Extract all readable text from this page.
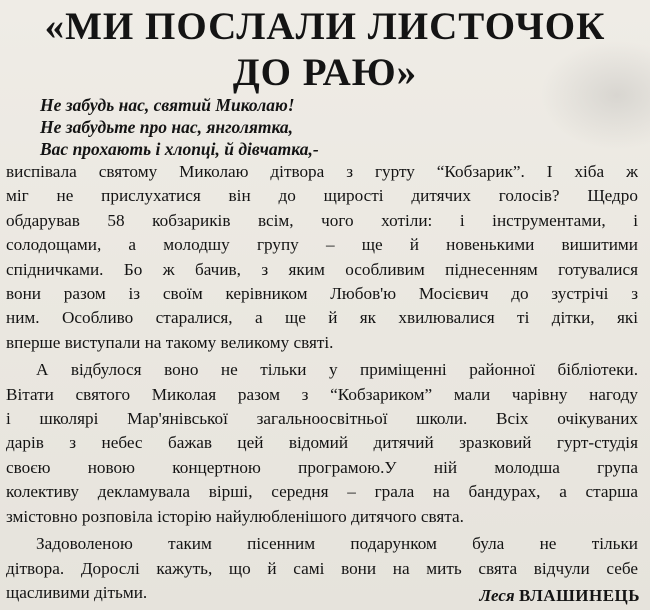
«МИ ПОСЛАЛИ ЛИСТОЧОК
ДО РАЮ»
Не забудь нас, святий Миколаю!
Не забудьте про нас, янголятка,
Вас прохають і хлопці, й дівчатка,-
виспівала святому Миколаю дітвора з гурту “Кобзарик”. І хіба ж
міг не прислухатися він до щирості дитячих голосів? Щедро
обдарував 58 кобзариків всім, чого хотіли: і інструментами, і
солодощами, а молодшу групу – ще й новенькими вишитими
спідничками. Бо ж бачив, з яким особливим піднесенням готувалися
вони разом із своїм керівником Любов'ю Мосієвич до зустрічі з
ним. Особливо старалися, а ще й як хвилювалися ті дітки, які
вперше виступали на такому великому святі.
А відбулося воно не тільки у приміщенні районної бібліотеки.
Вітати святого Миколая разом з “Кобзариком” мали чарівну нагоду
і школярі Мар'янівської загальноосвітньої школи. Всіх очікуваних
дарів з небес бажав цей відомий дитячий зразковий гурт-студія
своєю новою концертною програмою.У ній молодша група
колективу декламувала вірші, середня – грала на бандурах, а старша
змістовно розповіла історію найулюбленішого дитячого свята.
Задоволеною таким пісенним подарунком була не тільки
дітвора. Дорослі кажуть, що й самі вони на мить свята відчули себе
щасливими дітьми.	Леся ВЛАШИНЕЦЬ
